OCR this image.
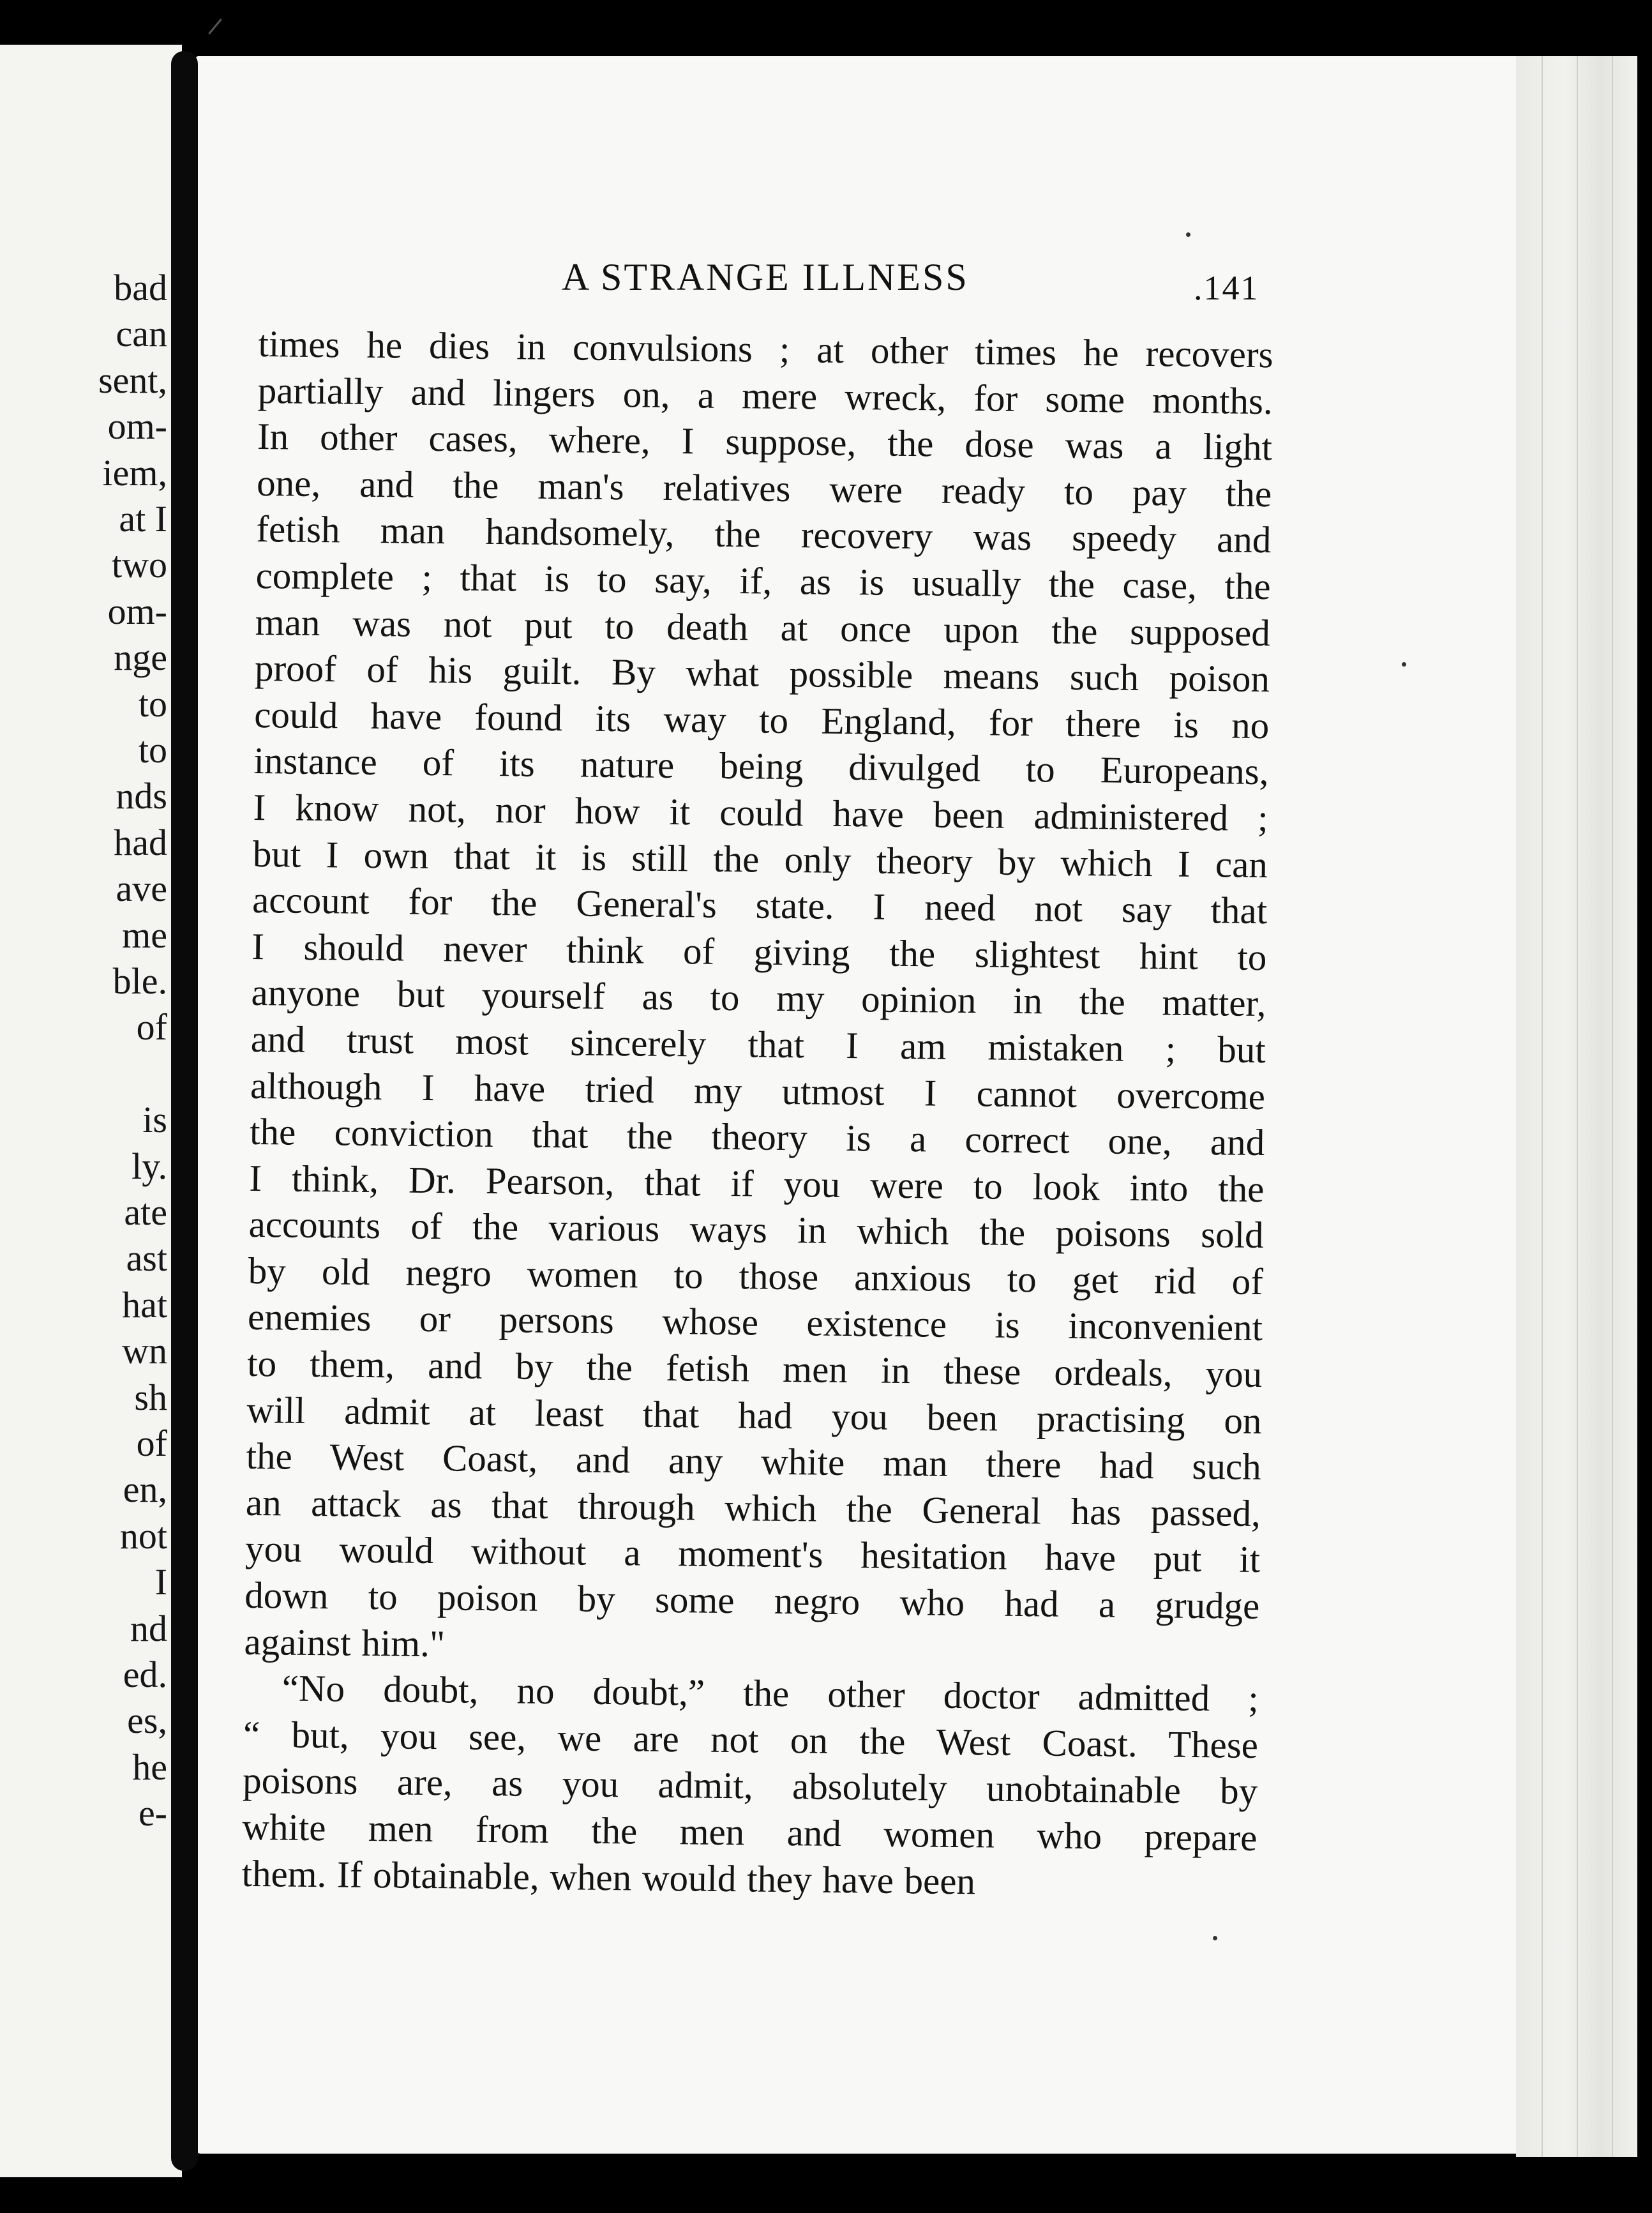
bad
can
sent,
om-
iem,
at I
two
om-
nge
to
to
nds
had
ave
me
ble.
of
is
ly.
ate
ast
hat
wn
sh
of
en,
not
I
nd
ed.
es,
he
e-
A STRANGE ILLNESS	.141
times he dies in convulsions ; at other times he recovers
partially and lingers on, a mere wreck, for some months.
In other cases, where, I suppose, the dose was a light
one, and the man's relatives were ready to pay the
fetish man handsomely, the recovery was speedy and
complete ; that is to say, if, as is usually the case, the
man was not put to death at once upon the supposed
proof of his guilt. By what possible means such poison
could have found its way to England, for there is no
instance of its nature being divulged to Europeans,
I know not, nor how it could have been administered ;
but I own that it is still the only theory by which I can
account for the General's state. I need not say that
I should never think of giving the slightest hint to
anyone but yourself as to my opinion in the matter,
and trust most sincerely that I am mistaken ; but
although I have tried my utmost I cannot overcome
the conviction that the theory is a correct one, and
I think, Dr. Pearson, that if you were to look into the
accounts of the various ways in which the poisons sold
by old negro women to those anxious to get rid of
enemies or persons whose existence is inconvenient
to them, and by the fetish men in these ordeals, you
will admit at least that had you been practising on
the West Coast, and any white man there had such
an attack as that through which the General has passed,
you would without a moment's hesitation have put it
down to poison by some negro who had a grudge
against him."
“No doubt, no doubt,” the other doctor admitted ;
“ but, you see, we are not on the West Coast. These
poisons are, as you admit, absolutely unobtainable by
white men from the men and women who prepare
them. If obtainable, when would they have been
